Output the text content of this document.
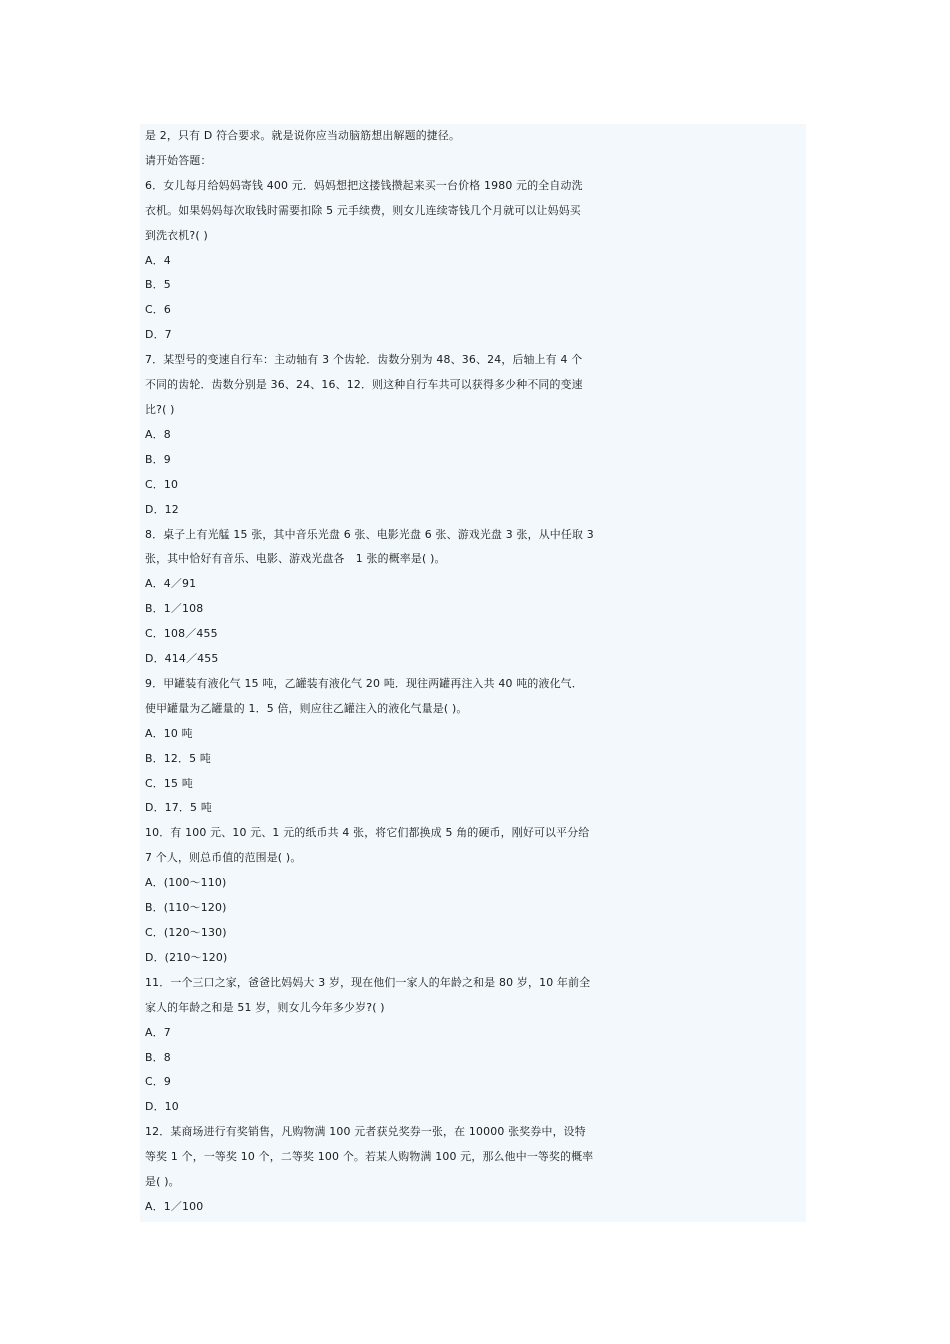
是 2，只有 D 符合要求。就是说你应当动脑筋想出解题的捷径。
请开始答题：
6．女儿每月给妈妈寄钱 400 元．妈妈想把这搂钱攒起来买一台价格 1980 元的全自动洗
衣机。如果妈妈每次取钱时需要扣除 5 元手续费，则女儿连续寄钱几个月就可以让妈妈买
到洗衣机?( )
A．4
B．5
C．6
D．7
7．某型号的变速自行车：主动轴有 3 个齿轮．齿数分别为 48、36、24，后轴上有 4 个
不同的齿轮．齿数分别是 36、24、16、12．则这种自行车共可以获得多少种不同的变速
比?( )
A．8
B．9
C．10
D．12
8．桌子上有光艋 15 张，其中音乐光盘 6 张、电影光盘 6 张、游戏光盘 3 张，从中任取 3
张，其中恰好有音乐、电影、游戏光盘各　1 张的概率是( )。
A．4／91
B．1／108
C．108／455
D．414／455
9．甲罐装有液化气 15 吨，乙罐装有液化气 20 吨．现往两罐再注入共 40 吨的液化气．
使甲罐量为乙罐量的 1．5 倍，则应往乙罐注入的液化气量是( )。
A．10 吨
B．12．5 吨
C．15 吨
D．17．5 吨
10．有 100 元、10 元、1 元的纸币共 4 张，将它们都换成 5 角的硬币，刚好可以平分给
7 个人，则总币值的范围是( )。
A．(100～110)
B．(110～120)
C．(120～130)
D．(210～120)
11．一个三口之家，爸爸比妈妈大 3 岁，现在他们一家人的年龄之和是 80 岁，10 年前全
家人的年龄之和是 51 岁，则女儿今年多少岁?( )
A．7
B．8
C．9
D．10
12．某商场进行有奖销售，凡购物满 100 元者获兑奖券一张，在 10000 张奖券中，设特
等奖 1 个，一等奖 10 个，二等奖 100 个。若某人购物满 100 元，那么他中一等奖的概率
是( )。
A．1／100
